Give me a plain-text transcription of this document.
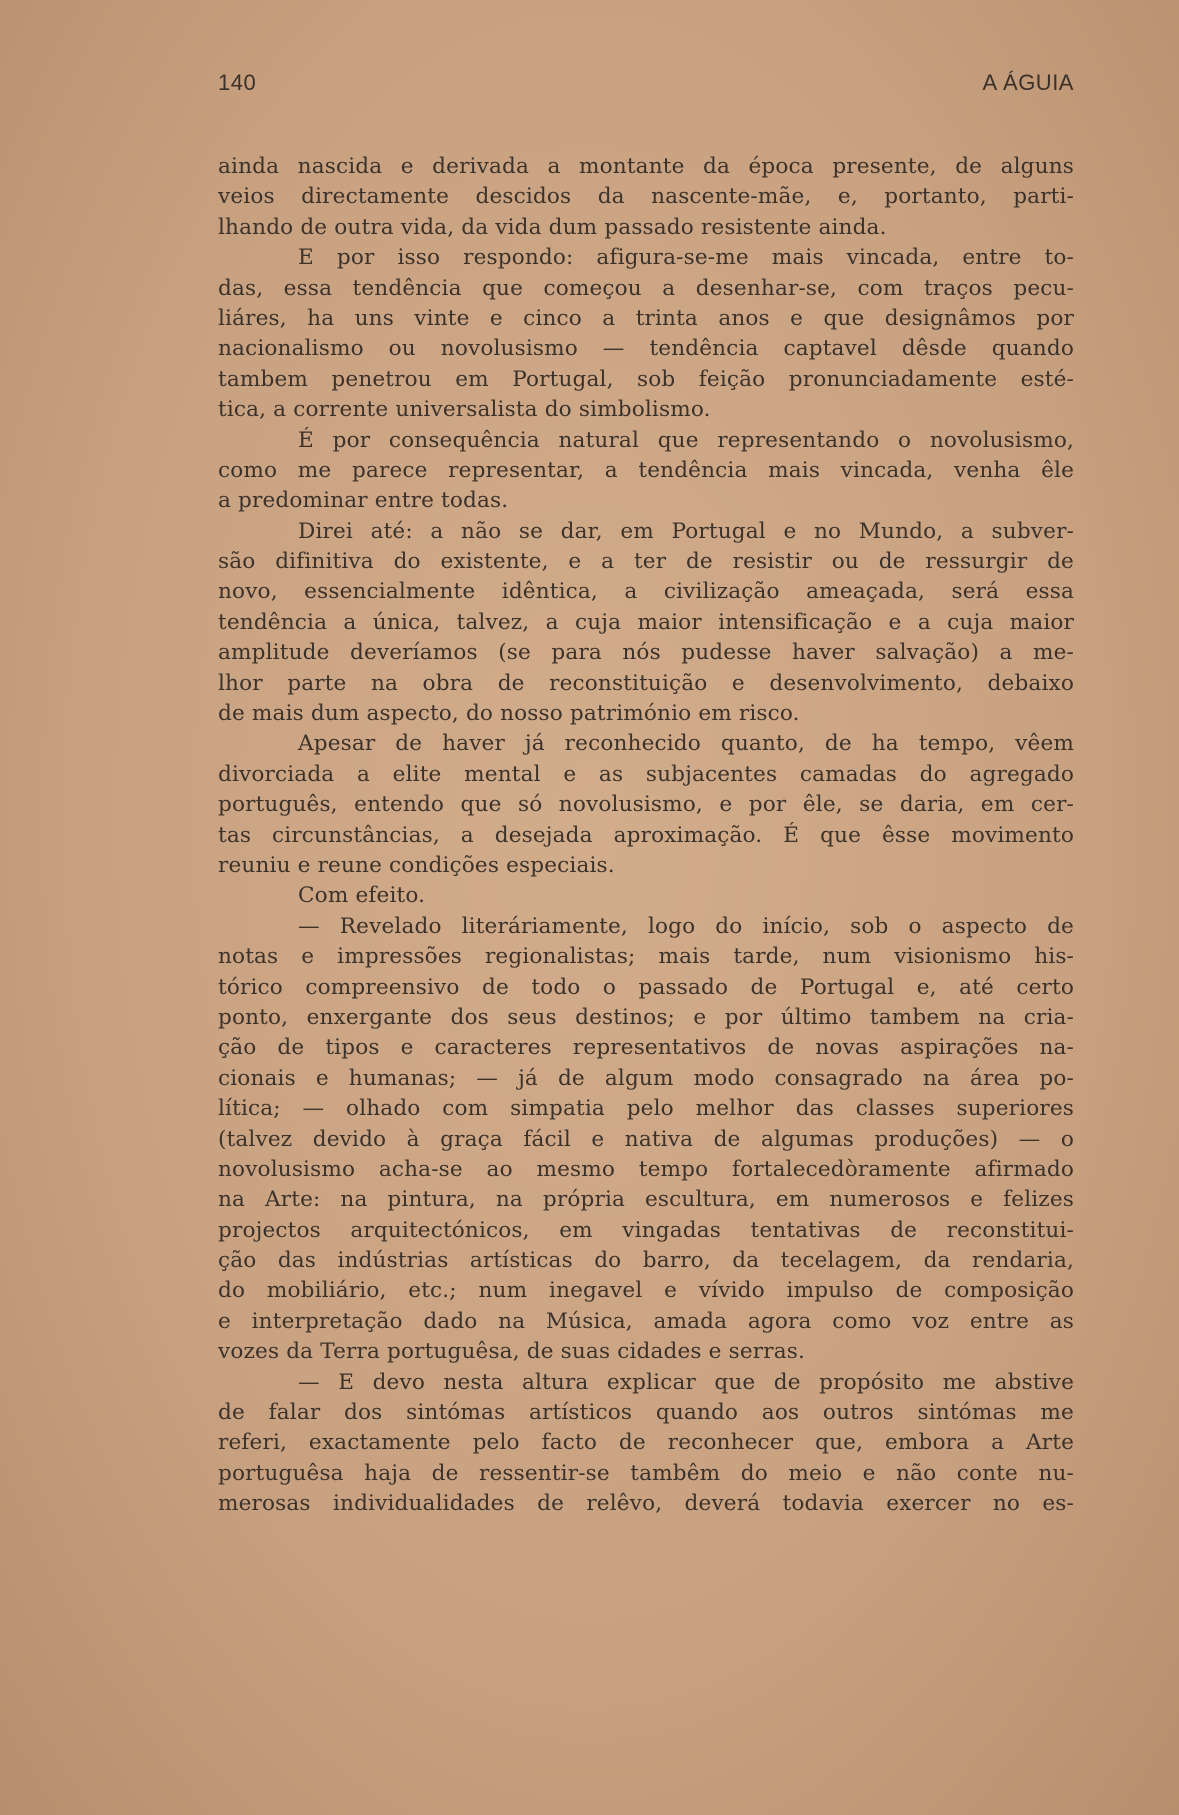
140	A ÁGUIA
ainda nascida e derivada a montante da época presente, de alguns
veios directamente descidos da nascente-mãe, e, portanto, parti-
lhando de outra vida, da vida dum passado resistente ainda.
E por isso respondo: afigura-se-me mais vincada, entre to-
das, essa tendência que começou a desenhar-se, com traços pecu-
liáres, ha uns vinte e cinco a trinta anos e que designâmos por
nacionalismo ou novolusismo — tendência captavel dêsde quando
tambem penetrou em Portugal, sob feição pronunciadamente esté-
tica, a corrente universalista do simbolismo.
É por consequência natural que representando o novolusismo,
como me parece representar, a tendência mais vincada, venha êle
a predominar entre todas.
Direi até: a não se dar, em Portugal e no Mundo, a subver-
são difinitiva do existente, e a ter de resistir ou de ressurgir de
novo, essencialmente idêntica, a civilização ameaçada, será essa
tendência a única, talvez, a cuja maior intensificação e a cuja maior
amplitude deveríamos (se para nós pudesse haver salvação) a me-
lhor parte na obra de reconstituição e desenvolvimento, debaixo
de mais dum aspecto, do nosso património em risco.
Apesar de haver já reconhecido quanto, de ha tempo, vêem
divorciada a elite mental e as subjacentes camadas do agregado
português, entendo que só novolusismo, e por êle, se daria, em cer-
tas circunstâncias, a desejada aproximação. É que êsse movimento
reuniu e reune condições especiais.
Com efeito.
— Revelado literáriamente, logo do início, sob o aspecto de
notas e impressões regionalistas; mais tarde, num visionismo his-
tórico compreensivo de todo o passado de Portugal e, até certo
ponto, enxergante dos seus destinos; e por último tambem na cria-
ção de tipos e caracteres representativos de novas aspirações na-
cionais e humanas; — já de algum modo consagrado na área po-
lítica; — olhado com simpatia pelo melhor das classes superiores
(talvez devido à graça fácil e nativa de algumas produções) — o
novolusismo acha-se ao mesmo tempo fortalecedòramente afirmado
na Arte: na pintura, na própria escultura, em numerosos e felizes
projectos arquitectónicos, em vingadas tentativas de reconstitui-
ção das indústrias artísticas do barro, da tecelagem, da rendaria,
do mobiliário, etc.; num inegavel e vívido impulso de composição
e interpretação dado na Música, amada agora como voz entre as
vozes da Terra portuguêsa, de suas cidades e serras.
— E devo nesta altura explicar que de propósito me abstive
de falar dos sintómas artísticos quando aos outros sintómas me
referi, exactamente pelo facto de reconhecer que, embora a Arte
portuguêsa haja de ressentir-se tambêm do meio e não conte nu-
merosas individualidades de relêvo, deverá todavia exercer no es-
